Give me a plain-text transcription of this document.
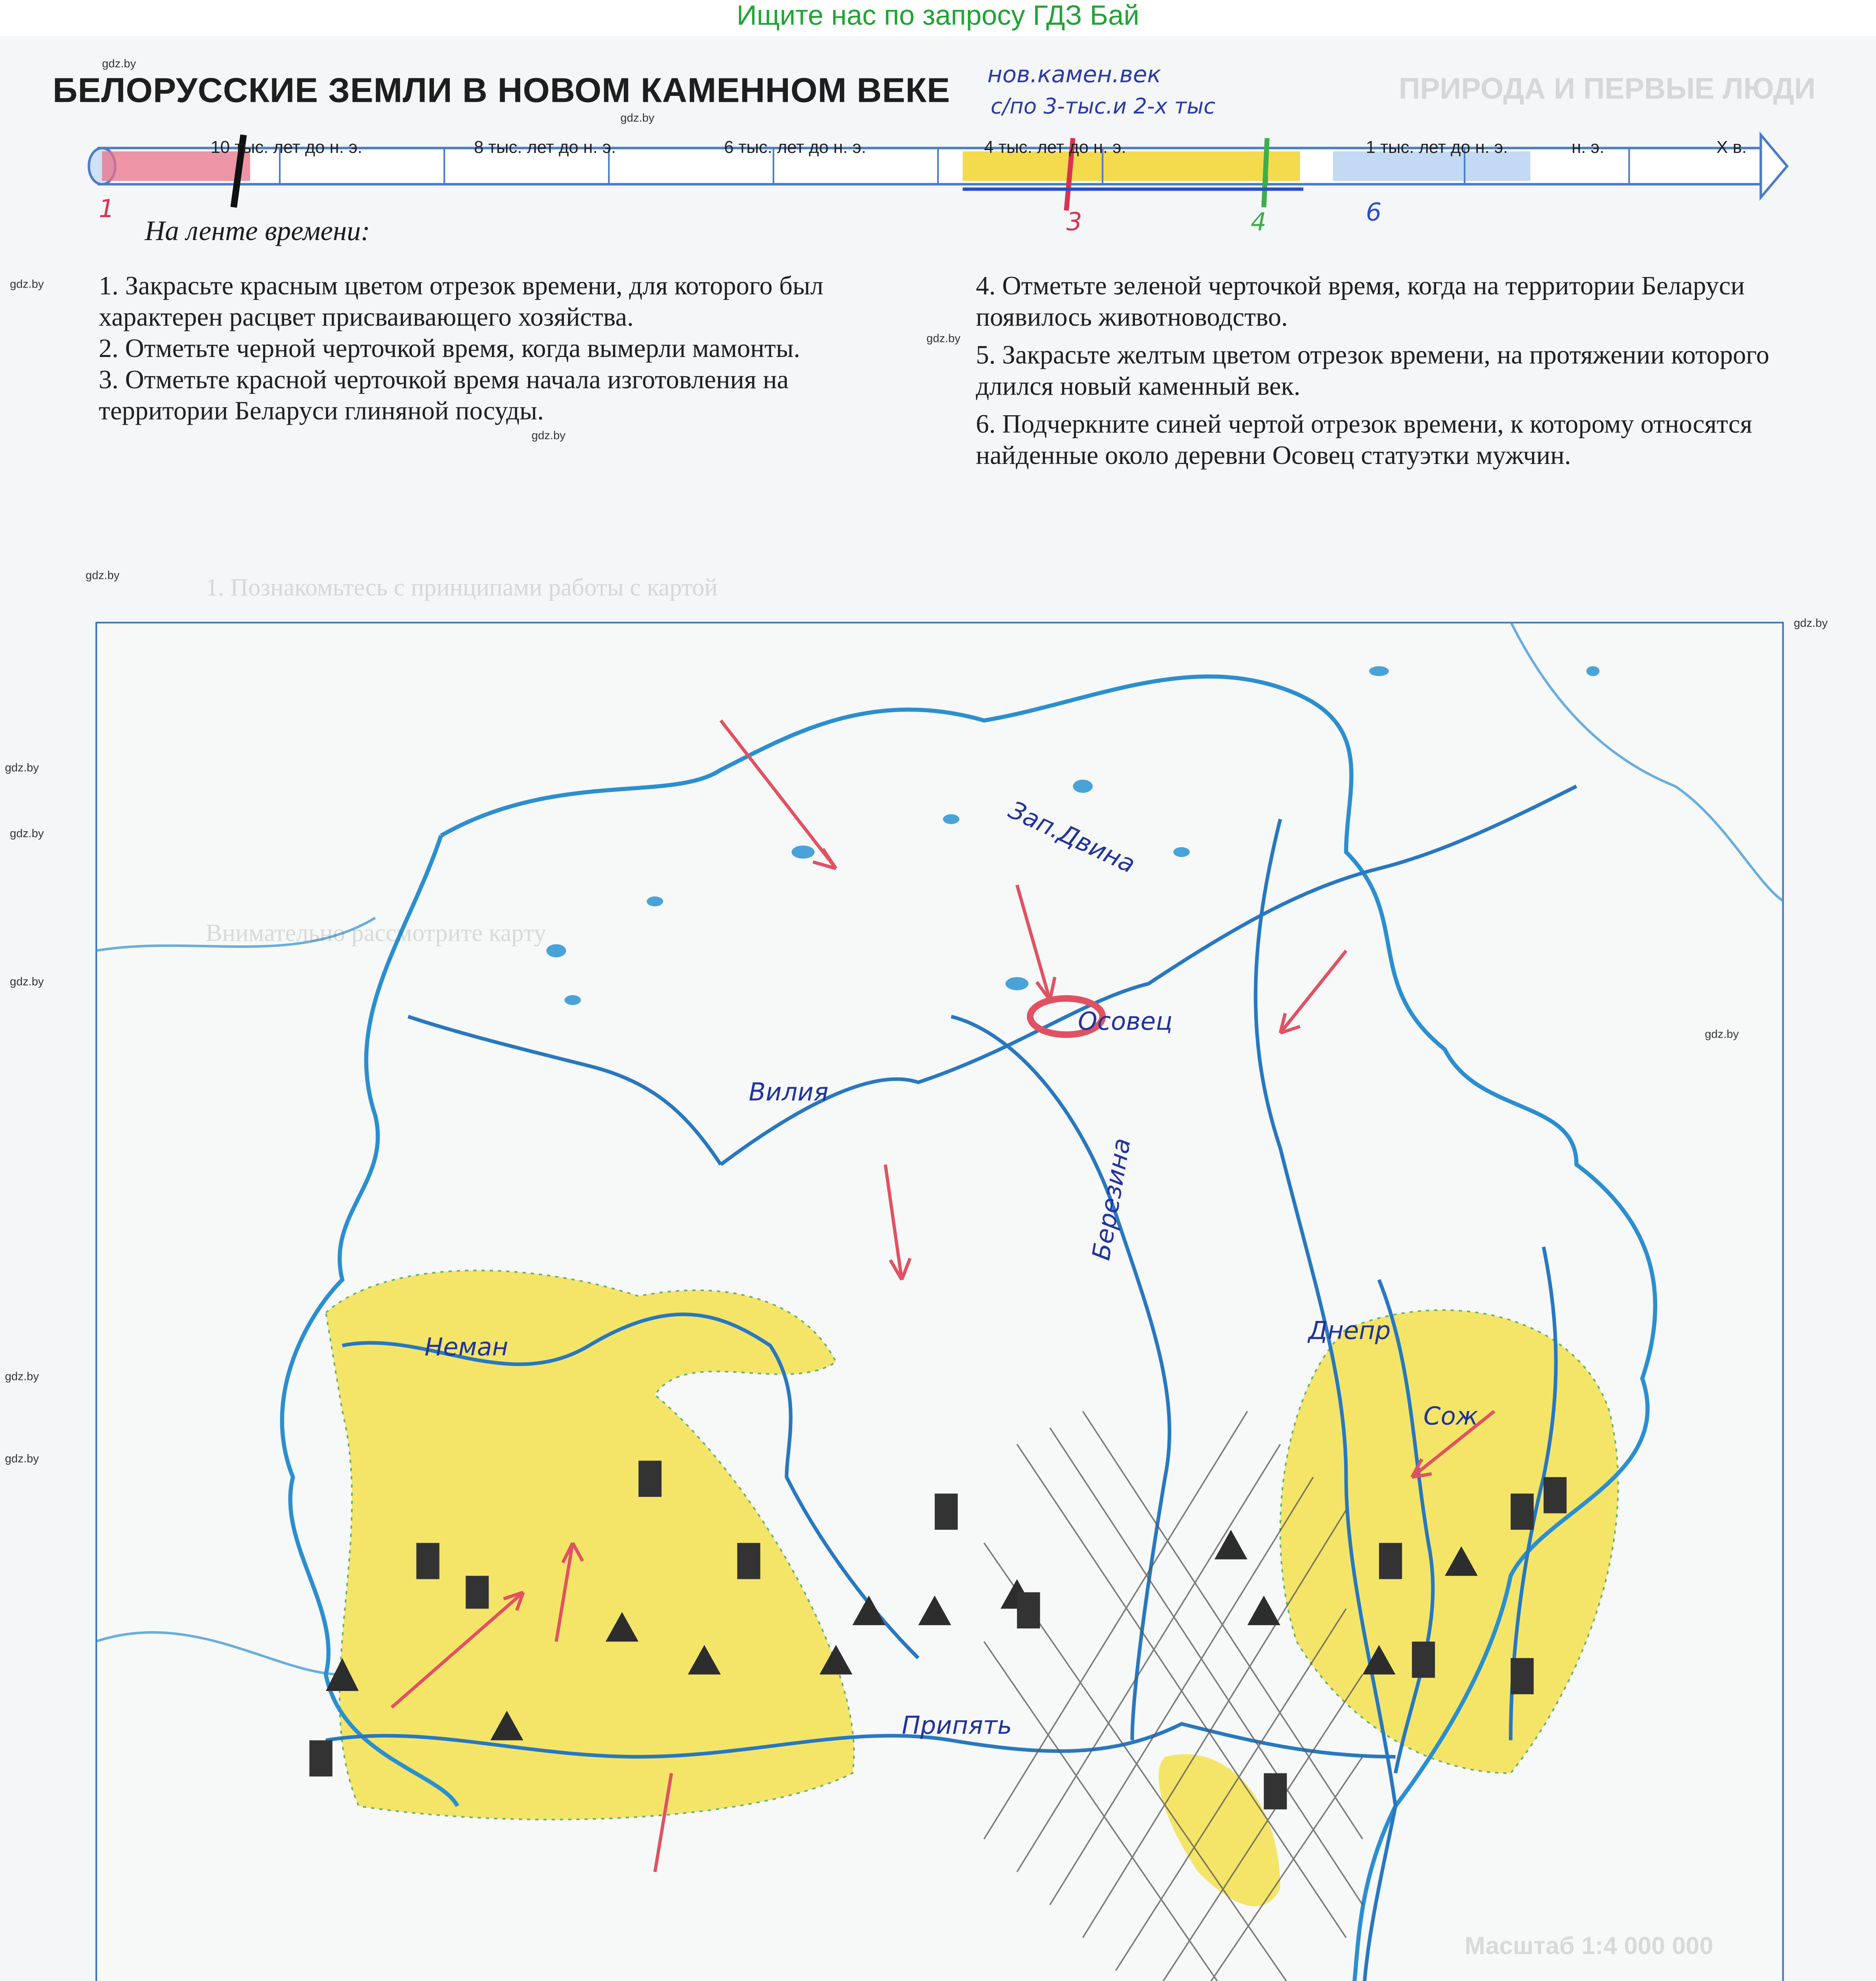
Ищите нас по запросу ГДЗ Бай
ПРИРОДА И ПЕРВЫЕ ЛЮДИ
БЕЛОРУССКИЕ ЗЕМЛИ В НОВОМ КАМЕННОМ ВЕКЕ	нов.камен.век
с/по 3-тыс.и 2-х тыс
10 тыс. лет до н. э.	8 тыс. лет до н. э.	6 тыс. лет до н. э.	4 тыс. лет до н. э.	1 тыс. лет до н. э.	н. э.	X в.
1	3	4	6
На ленте времени:
1. Закрасьте красным цветом отрезок времени, для которого был характерен расцвет присваивающего хозяйства.
2. Отметьте черной черточкой время, когда вымерли мамонты.
3. Отметьте красной черточкой время начала изготовления на территории Беларуси глиняной посуды.
4. Отметьте зеленой черточкой время, когда на территории Беларуси появилось животноводство.
5. Закрасьте желтым цветом отрезок времени, на протяжении которого длился новый каменный век.
6. Подчеркните синей чертой отрезок времени, к которому относятся найденные около деревни Осовец статуэтки мужчин.
1. Познакомьтесь с принципами работы с картой
Внимательно рассмотрите карту
Масштаб 1:4 000 000
Зап.Двина
Вилия
Березина
Днепр
Неман
Сож
Припять
Осовец
gdz.by
gdz.by
gdz.by
gdz.by
gdz.by
gdz.by
gdz.by
gdz.by
gdz.by
gdz.by
gdz.by
gdz.by
gdz.by
